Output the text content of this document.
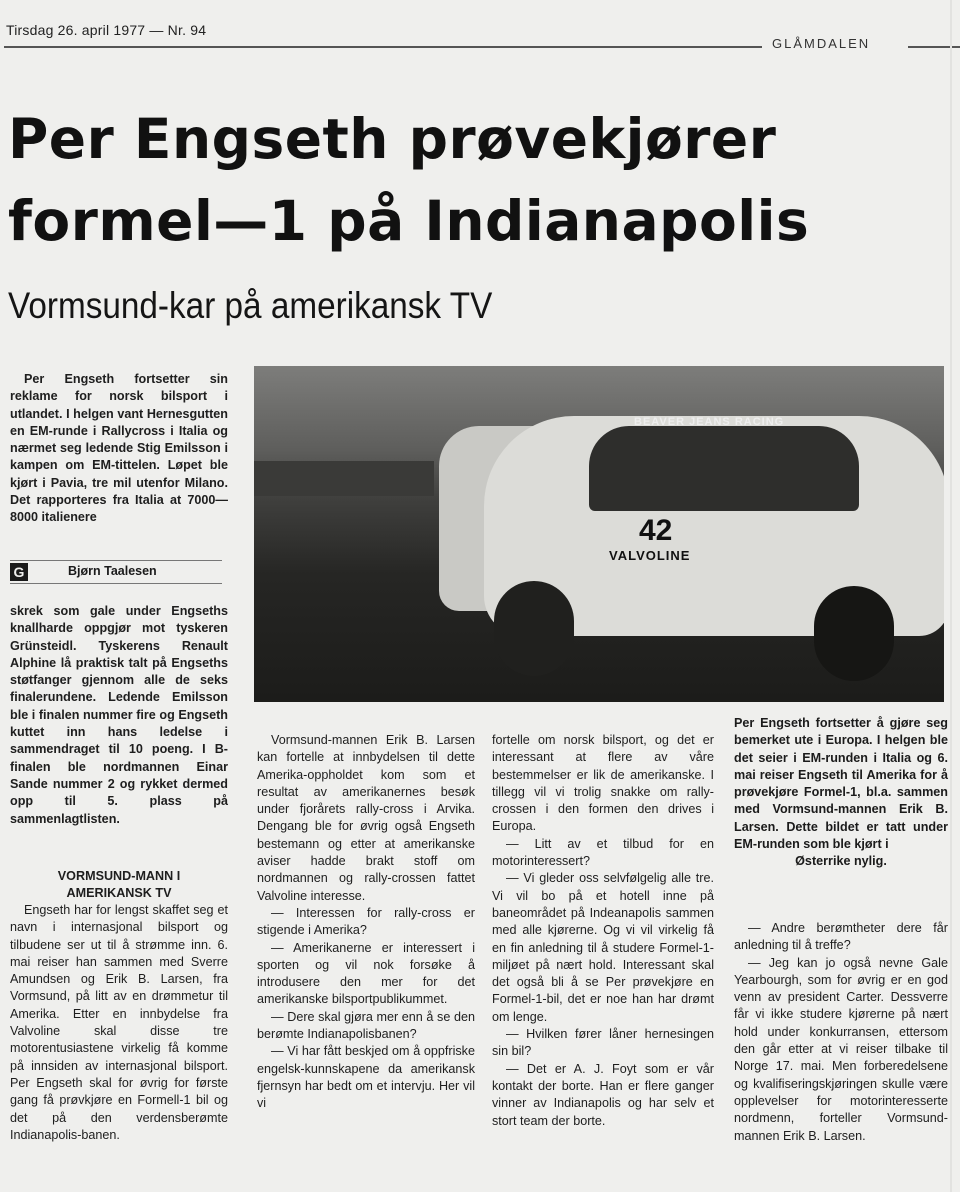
Tirsdag 26. april 1977 — Nr. 94
GLÅMDALEN
Per Engseth prøvekjører
formel—1 på Indianapolis
Vormsund-kar på amerikansk TV

Per Engseth fortsetter sin reklame for norsk bilsport i utlandet. I helgen vant Hernesgutten en EM-runde i Rallycross i Italia og nærmet seg ledende Stig Emilsson i kampen om EM-tittelen. Løpet ble kjørt i Pavia, tre mil utenfor Milano. Det rapporteres fra Italia at 7000—8000 italienere

G	Bjørn Taalesen

skrek som gale under Engseths knallharde oppgjør mot tyskeren Grünsteidl. Tyskerens Renault Alphine lå praktisk talt på Engseths støtfanger gjennom alle de seks finalerundene. Ledende Emilsson ble i finalen nummer fire og Engseth kuttet inn hans ledelse i sammendraget til 10 poeng. I B-finalen ble nordmannen Einar Sande nummer 2 og rykket dermed opp til 5. plass på sammenlagtlisten.

VORMSUND-MANN I
AMERIKANSK TV

Engseth har for lengst skaffet seg et navn i internasjonal bilsport og tilbudene ser ut til å strømme inn. 6. mai reiser han sammen med Sverre Amundsen og Erik B. Larsen, fra Vormsund, på litt av en drømmetur til Amerika. Etter en innbydelse fra Valvoline skal disse tre motorentusiastene virkelig få komme på innsiden av internasjonal bilsport. Per Engseth skal for øvrig for første gang få prøvkjøre en Formell-1 bil og det på den verdensberømte Indianapolis-banen.

BEAVER JEANS RACING
42
VALVOLINE

Vormsund-mannen Erik B. Larsen kan fortelle at innbydelsen til dette Amerika-oppholdet kom som et resultat av amerikanernes besøk under fjorårets rally-cross i Arvika. Dengang ble for øvrig også Engseth bestemann og etter at amerikanske aviser hadde brakt stoff om nordmannen og rally-crossen fattet Valvoline interesse.

— Interessen for rally-cross er stigende i Amerika?

— Amerikanerne er interessert i sporten og vil nok forsøke å introdusere den mer for det amerikanske bilsportpublikummet.

— Dere skal gjøra mer enn å se den berømte Indianapolisbanen?

— Vi har fått beskjed om å oppfriske engelsk-kunnskapene da amerikansk fjernsyn har bedt om et intervju. Her vil vi

fortelle om norsk bilsport, og det er interessant at flere av våre bestemmelser er lik de amerikanske. I tillegg vil vi trolig snakke om rally-crossen i den formen den drives i Europa.

— Litt av et tilbud for en motorinteressert?

— Vi gleder oss selvfølgelig alle tre. Vi vil bo på et hotell inne på baneområdet på Indeanapolis sammen med alle kjørerne. Og vi vil virkelig få en fin anledning til å studere Formel-1-miljøet på nært hold. Interessant skal det også bli å se Per prøvekjøre en Formel-1-bil, det er noe han har drømt om lenge.

— Hvilken fører låner hernesingen sin bil?

— Det er A. J. Foyt som er vår kontakt der borte. Han er flere ganger vinner av Indianapolis og har selv et stort team der borte.

Per Engseth fortsetter å gjøre seg bemerket ute i Europa. I helgen ble det seier i EM-runden i Italia og 6. mai reiser Engseth til Amerika for å prøvekjøre Formel-1, bl.a. sammen med Vormsund-mannen Erik B. Larsen. Dette bildet er tatt under EM-runden som ble kjørt i
Østerrike nylig.

— Andre berømtheter dere får anledning til å treffe?

— Jeg kan jo også nevne Gale Yearbourgh, som for øvrig er en god venn av president Carter. Dessverre får vi ikke studere kjørerne på nært hold under konkurransen, ettersom den går etter at vi reiser tilbake til Norge 17. mai. Men forberedelsene og kvalifiseringskjøringen skulle være opplevelser for motorinteresserte nordmenn, forteller Vormsund-mannen Erik B. Larsen.
